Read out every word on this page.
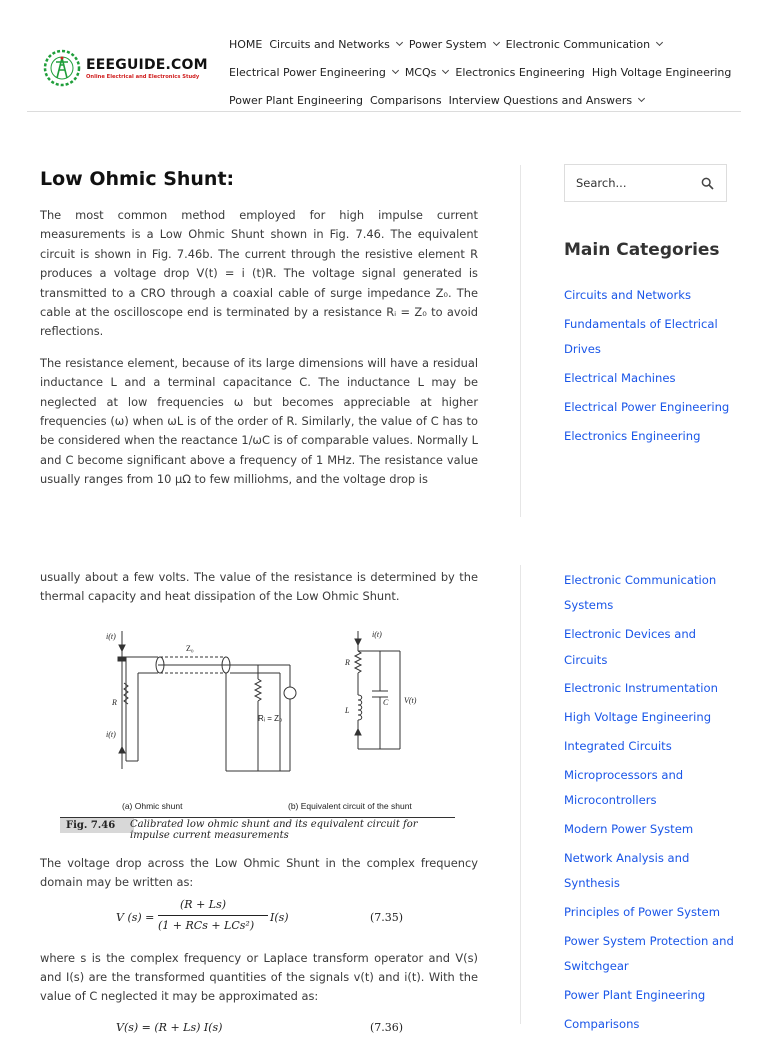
EEEGUIDE.COM
Online Electrical and Electronics Study
HOME Circuits and Networks Power System Electronic Communication
Electrical Power Engineering MCQs Electronics Engineering High Voltage Engineering
Power Plant Engineering Comparisons Interview Questions and Answers
Low Ohmic Shunt:

The most common method employed for high impulse current measurements is a Low Ohmic Shunt shown in Fig. 7.46. The equivalent circuit is shown in Fig. 7.46b. The current through the resistive element R produces a voltage drop V(t) = i (t)R. The voltage signal generated is transmitted to a CRO through a coaxial cable of surge impedance Z₀. The cable at the oscilloscope end is terminated by a resistance Rᵢ = Z₀ to avoid reflections.

The resistance element, because of its large dimensions will have a residual inductance L and a terminal capacitance C. The inductance L may be neglected at low frequencies ω but becomes appreciable at higher frequencies (ω) when ωL is of the order of R. Similarly, the value of C has to be considered when the reactance 1/ωC is of comparable values. Normally L and C become significant above a frequency of 1 MHz. The resistance value usually ranges from 10 μΩ to few milliohms, and the voltage drop is

usually about a few volts. The value of the resistance is determined by the thermal capacity and heat dissipation of the Low Ohmic Shunt.

i(t)
i(t)
R
Z₀
Rᵢ = Z₀
i(t)
R
L
C V(t)
(a) Ohmic shunt	(b) Equivalent circuit of the shunt
Fig. 7.46	Calibrated low ohmic shunt and its equivalent circuit for impulse current measurements

The voltage drop across the Low Ohmic Shunt in the complex frequency domain may be written as:

V (s) =
(R + Ls)
(1 + RCs + LCs²)
I(s)	(7.35)

where s is the complex frequency or Laplace transform operator and V(s) and I(s) are the transformed quantities of the signals v(t) and i(t). With the value of C neglected it may be approximated as:

V(s) = (R + Ls) I(s)	(7.36)
Search...
Main Categories
Circuits and Networks
Fundamentals of Electrical Drives
Electrical Machines
Electrical Power Engineering
Electronics Engineering
Electronic Communication Systems
Electronic Devices and Circuits
Electronic Instrumentation
High Voltage Engineering
Integrated Circuits
Microprocessors and Microcontrollers
Modern Power System
Network Analysis and Synthesis
Principles of Power System
Power System Protection and Switchgear
Power Plant Engineering
Comparisons
